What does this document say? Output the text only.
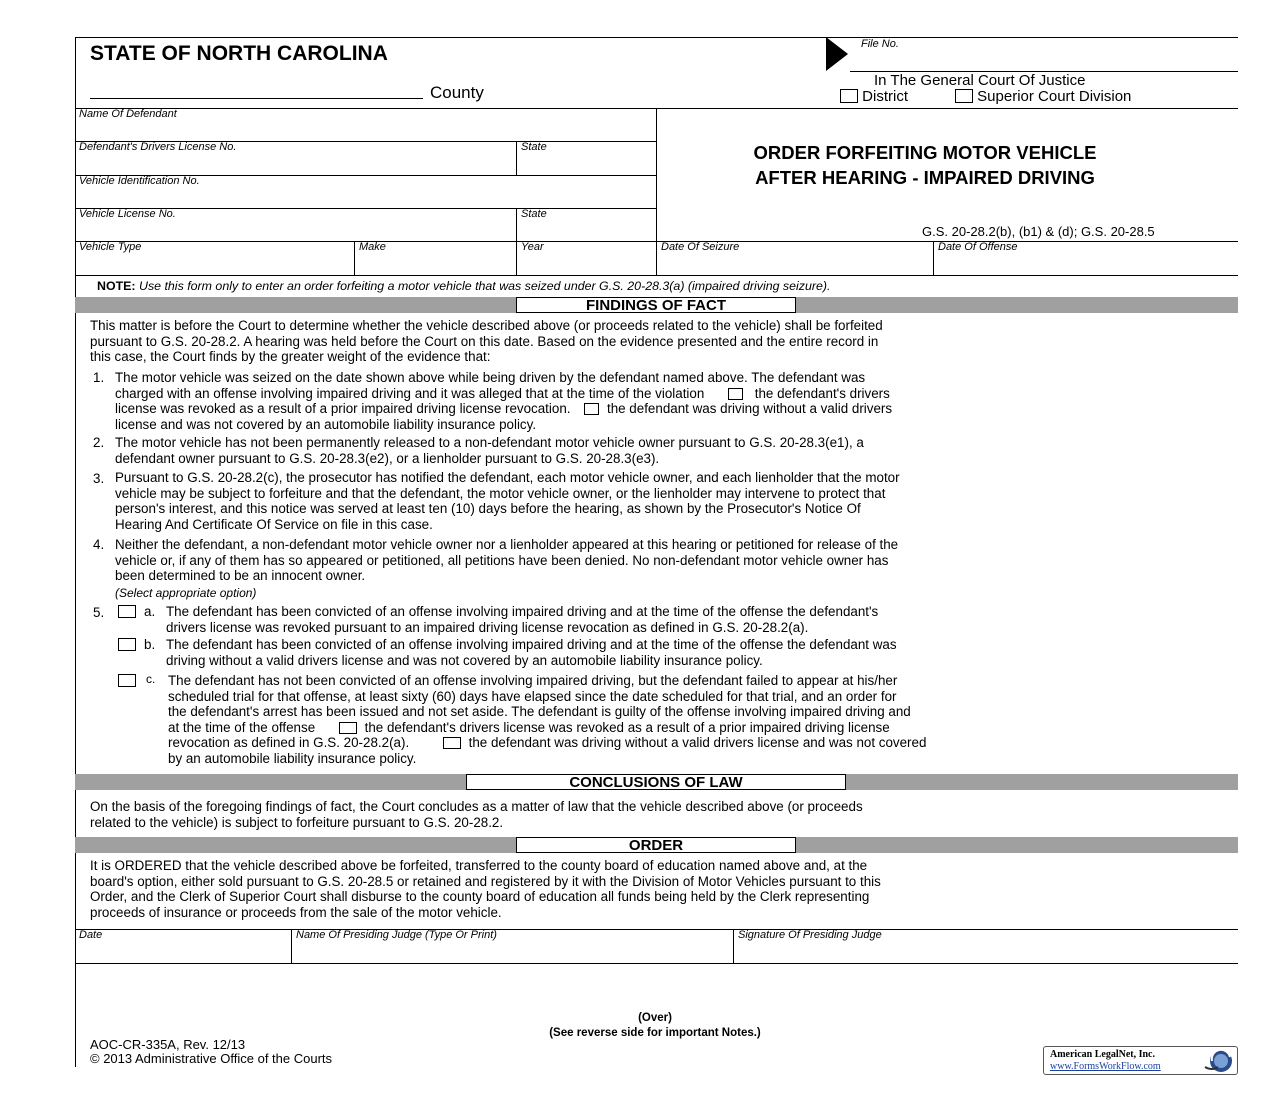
STATE OF NORTH CAROLINA
County
File No.
In The General Court Of Justice
District	Superior Court Division
Name Of Defendant
Defendant's Drivers License No.	State
Vehicle Identification No.
Vehicle License No.	State
ORDER FORFEITING MOTOR VEHICLE
AFTER HEARING - IMPAIRED DRIVING
G.S. 20-28.2(b), (b1) & (d); G.S. 20-28.5
Vehicle Type	Make	Year	Date Of Seizure	Date Of Offense
NOTE: Use this form only to enter an order forfeiting a motor vehicle that was seized under G.S. 20-28.3(a) (impaired driving seizure).
FINDINGS OF FACT
This matter is before the Court to determine whether the vehicle described above (or proceeds related to the vehicle) shall be forfeited
pursuant to G.S. 20-28.2. A hearing was held before the Court on this date. Based on the evidence presented and the entire record in
this case, the Court finds by the greater weight of the evidence that:
1. The motor vehicle was seized on the date shown above while being driven by the defendant named above. The defendant was
charged with an offense involving impaired driving and it was alleged that at the time of the violation	the defendant's drivers
license was revoked as a result of a prior impaired driving license revocation.	the defendant was driving without a valid drivers
license and was not covered by an automobile liability insurance policy.
2. The motor vehicle has not been permanently released to a non-defendant motor vehicle owner pursuant to G.S. 20-28.3(e1), a
defendant owner pursuant to G.S. 20-28.3(e2), or a lienholder pursuant to G.S. 20-28.3(e3).
3. Pursuant to G.S. 20-28.2(c), the prosecutor has notified the defendant, each motor vehicle owner, and each lienholder that the motor
vehicle may be subject to forfeiture and that the defendant, the motor vehicle owner, or the lienholder may intervene to protect that
person's interest, and this notice was served at least ten (10) days before the hearing, as shown by the Prosecutor's Notice Of
Hearing And Certificate Of Service on file in this case.
4. Neither the defendant, a non-defendant motor vehicle owner nor a lienholder appeared at this hearing or petitioned for release of the
vehicle or, if any of them has so appeared or petitioned, all petitions have been denied. No non-defendant motor vehicle owner has
been determined to be an innocent owner.
(Select appropriate option)
5.	a. The defendant has been convicted of an offense involving impaired driving and at the time of the offense the defendant's
drivers license was revoked pursuant to an impaired driving license revocation as defined in G.S. 20-28.2(a).
b. The defendant has been convicted of an offense involving impaired driving and at the time of the offense the defendant was
driving without a valid drivers license and was not covered by an automobile liability insurance policy.
c. The defendant has not been convicted of an offense involving impaired driving, but the defendant failed to appear at his/her
scheduled trial for that offense, at least sixty (60) days have elapsed since the date scheduled for that trial, and an order for
the defendant's arrest has been issued and not set aside. The defendant is guilty of the offense involving impaired driving and
at the time of the offense	the defendant's drivers license was revoked as a result of a prior impaired driving license
revocation as defined in G.S. 20-28.2(a).	the defendant was driving without a valid drivers license and was not covered
by an automobile liability insurance policy.
CONCLUSIONS OF LAW
On the basis of the foregoing findings of fact, the Court concludes as a matter of law that the vehicle described above (or proceeds
related to the vehicle) is subject to forfeiture pursuant to G.S. 20-28.2.
ORDER
It is ORDERED that the vehicle described above be forfeited, transferred to the county board of education named above and, at the
board's option, either sold pursuant to G.S. 20-28.5 or retained and registered by it with the Division of Motor Vehicles pursuant to this
Order, and the Clerk of Superior Court shall disburse to the county board of education all funds being held by the Clerk representing
proceeds of insurance or proceeds from the sale of the motor vehicle.
Date	Name Of Presiding Judge (Type Or Print)	Signature Of Presiding Judge
(Over)
(See reverse side for important Notes.)
AOC-CR-335A, Rev. 12/13
© 2013 Administrative Office of the Courts	American LegalNet, Inc.
www.FormsWorkFlow.com
